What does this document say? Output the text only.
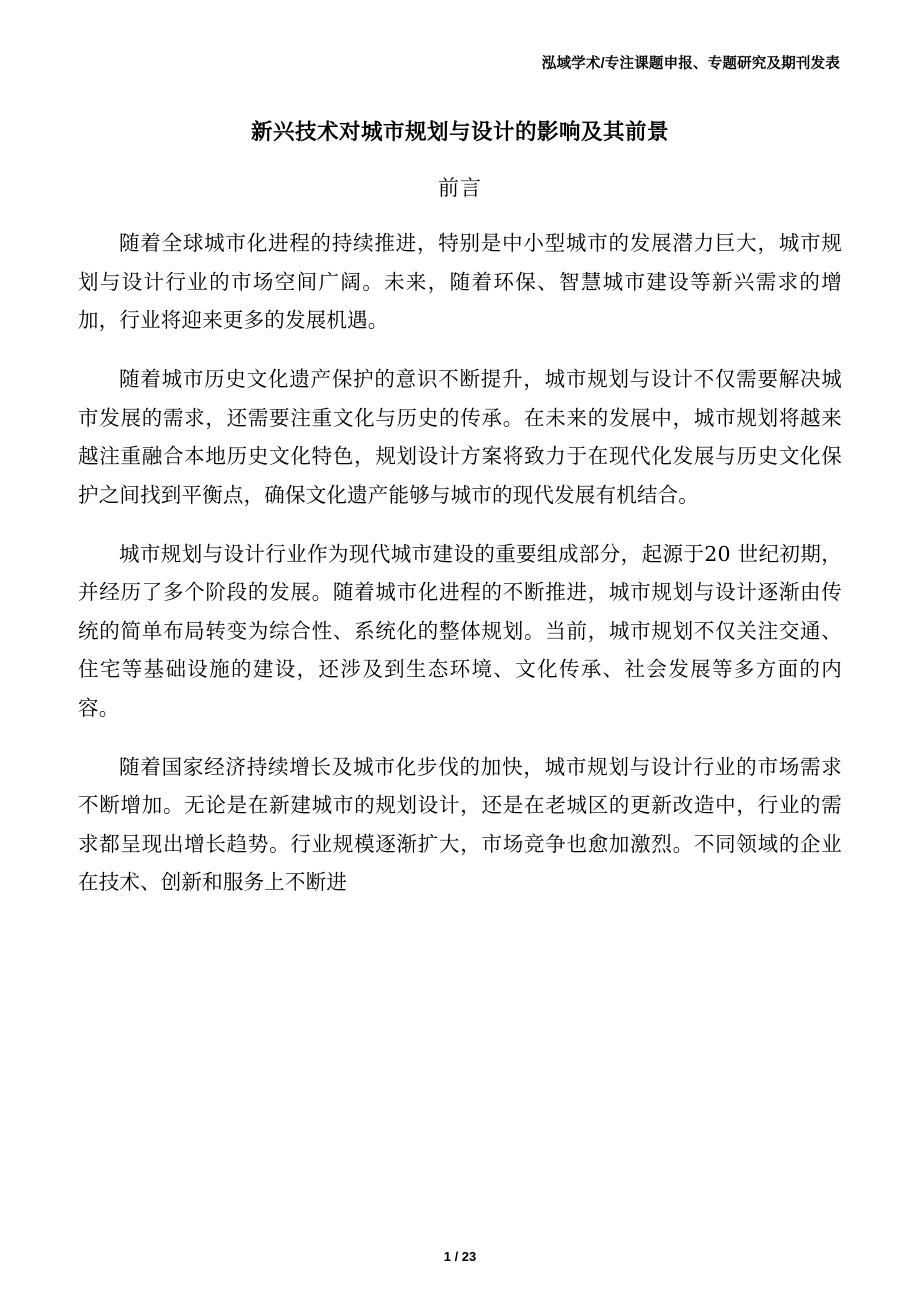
泓域学术/专注课题申报、专题研究及期刊发表
新兴技术对城市规划与设计的影响及其前景
前言

随着全球城市化进程的持续推进，特别是中小型城市的发展潜力巨大，城市规划与设计行业的市场空间广阔。未来，随着环保、智慧城市建设等新兴需求的增加，行业将迎来更多的发展机遇。

随着城市历史文化遗产保护的意识不断提升，城市规划与设计不仅需要解决城市发展的需求，还需要注重文化与历史的传承。在未来的发展中，城市规划将越来越注重融合本地历史文化特色，规划设计方案将致力于在现代化发展与历史文化保护之间找到平衡点，确保文化遗产能够与城市的现代发展有机结合。

城市规划与设计行业作为现代城市建设的重要组成部分，起源于20 世纪初期，并经历了多个阶段的发展。随着城市化进程的不断推进，城市规划与设计逐渐由传统的简单布局转变为综合性、系统化的整体规划。当前，城市规划不仅关注交通、住宅等基础设施的建设，还涉及到生态环境、文化传承、社会发展等多方面的内容。

随着国家经济持续增长及城市化步伐的加快，城市规划与设计行业的市场需求不断增加。无论是在新建城市的规划设计，还是在老城区的更新改造中，行业的需求都呈现出增长趋势。行业规模逐渐扩大，市场竞争也愈加激烈。不同领域的企业在技术、创新和服务上不断进

1 / 23
